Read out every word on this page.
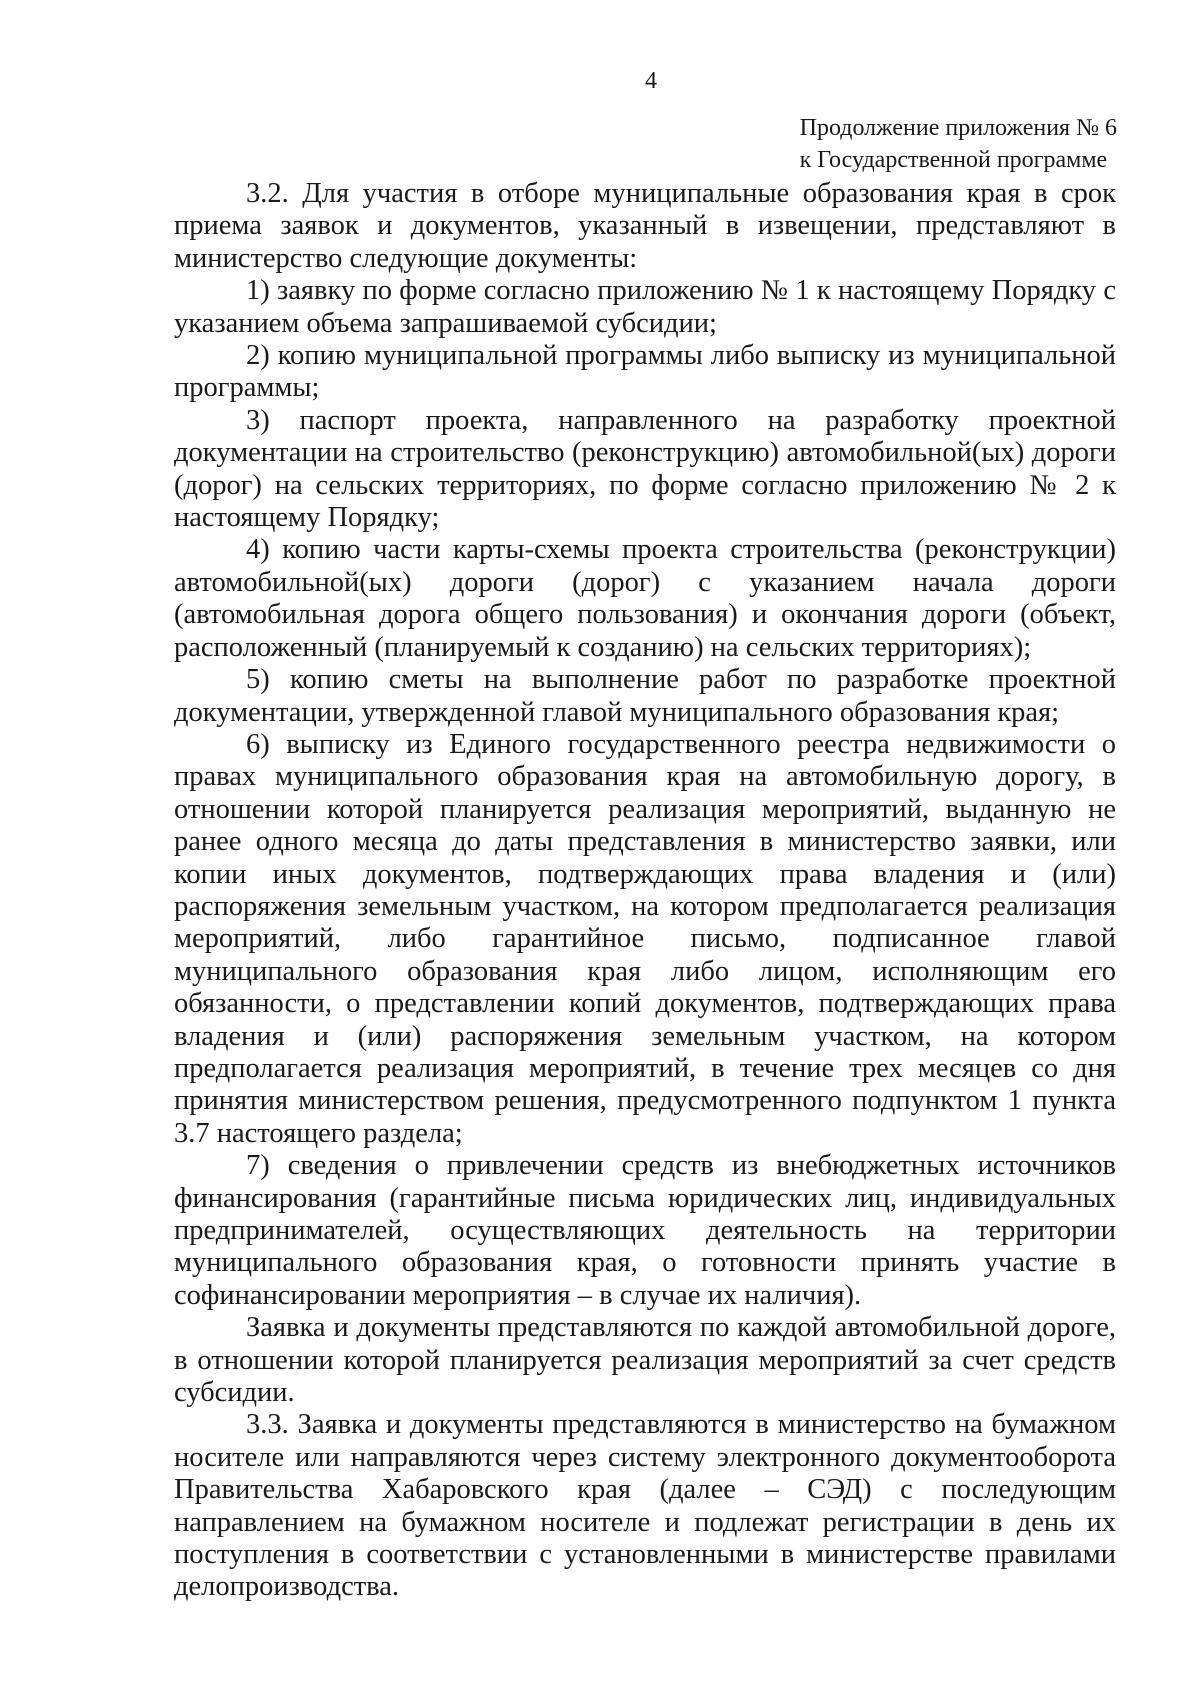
4
Продолжение приложения № 6
к Государственной программе

3.2. Для участия в отборе муниципальные образования края в срок приема заявок и документов, указанный в извещении, представляют в министерство следующие документы:

1) заявку по форме согласно приложению № 1 к настоящему Порядку с указанием объема запрашиваемой субсидии;

2) копию муниципальной программы либо выписку из муниципальной программы;

3) паспорт проекта, направленного на разработку проектной документации на строительство (реконструкцию) автомобильной(ых) дороги (дорог) на сельских территориях, по форме согласно приложению № 2 к настоящему Порядку;

4) копию части карты-схемы проекта строительства (реконструкции) автомобильной(ых) дороги (дорог) с указанием начала дороги (автомобильная дорога общего пользования) и окончания дороги (объект, расположенный (планируемый к созданию) на сельских территориях);

5) копию сметы на выполнение работ по разработке проектной документации, утвержденной главой муниципального образования края;

6) выписку из Единого государственного реестра недвижимости о правах муниципального образования края на автомобильную дорогу, в отношении которой планируется реализация мероприятий, выданную не ранее одного месяца до даты представления в министерство заявки, или копии иных документов, подтверждающих права владения и (или) распоряжения земельным участком, на котором предполагается реализация мероприятий, либо гарантийное письмо, подписанное главой муниципального образования края либо лицом, исполняющим его обязанности, о представлении копий документов, подтверждающих права владения и (или) распоряжения земельным участком, на котором предполагается реализация мероприятий, в течение трех месяцев со дня принятия министерством решения, предусмотренного подпунктом 1 пункта 3.7 настоящего раздела;

7) сведения о привлечении средств из внебюджетных источников финансирования (гарантийные письма юридических лиц, индивидуальных предпринимателей, осуществляющих деятельность на территории муниципального образования края, о готовности принять участие в софинансировании мероприятия – в случае их наличия).

Заявка и документы представляются по каждой автомобильной дороге, в отношении которой планируется реализация мероприятий за счет средств субсидии.

3.3. Заявка и документы представляются в министерство на бумажном носителе или направляются через систему электронного документооборота Правительства Хабаровского края (далее – СЭД) с последующим направлением на бумажном носителе и подлежат регистрации в день их поступления в соответствии с установленными в министерстве правилами делопроизводства.
